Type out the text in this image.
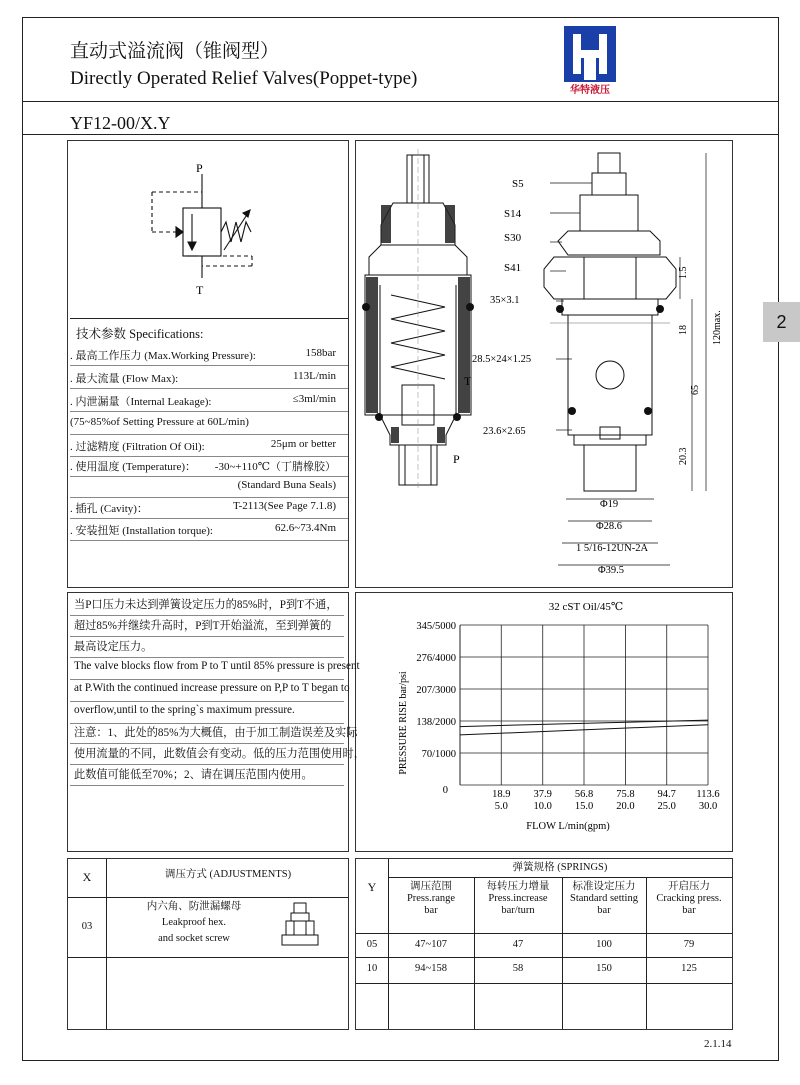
直动式溢流阀（锥阀型）
Directly Operated Relief Valves(Poppet-type)
华特液压
YF12-00/X.Y
2
P
T
技术参数 Specifications:
. 最高工作压力 (Max.Working Pressure):	158bar
. 最大流量 (Flow Max):	113L/min
. 内泄漏量（Internal Leakage):	≤3ml/min
(75~85%of Setting Pressure at 60L/min)
. 过滤精度 (Filtration Of Oil):	25μm or better
. 使用温度 (Temperature)： -30~+110℃（丁腈橡胶）
(Standard Buna Seals)
. 插孔 (Cavity)：	T-2113(See Page 7.1.8)
. 安装扭矩 (Installation torque):	62.6~73.4Nm
T
P
S5
S14
S30
S41
35×3.1
28.5×24×1.25
23.6×2.65
1.5
18 120max.
65
20.3
Φ19
Φ28.6
1 5/16-12UN-2A
Φ39.5
当P口压力未达到弹簧设定压力的85%时，P到T不通，
超过85%并继续升高时，P到T开始溢流，至到弹簧的
最高设定压力。
The valve blocks flow from P to T until 85% pressure is present
at P.With the continued increase pressure on P,P to T began to
overflow,until to the spring`s maximum pressure.
注意：1、此处的85%为大概值，由于加工制造误差及实际
使用流量的不同，此数值会有变动。低的压力范围使用时，
此数值可能低至70%；2、请在调压范围内使用。
32 cST Oil/45℃
PRESSURE RISE bar/psi
FLOW L/min(gpm)
0
70/1000
138/2000
207/3000
276/4000
345/5000
18.9
5.0
37.9
10.0
56.8
15.0
75.8
20.0
94.7
25.0
113.6
30.0
X	调压方式 (ADJUSTMENTS)
03
内六角、防泄漏螺母
Leakproof hex.
and socket screw
Y
弹簧规格 (SPRINGS)
调压范围
Press.range
bar
每转压力增量
Press.increase
bar/turn
标准设定压力
Standard setting
bar
开启压力
Cracking press.
bar
05	47~107	47	100	79
10	94~158	58	150	125
2.1.14
